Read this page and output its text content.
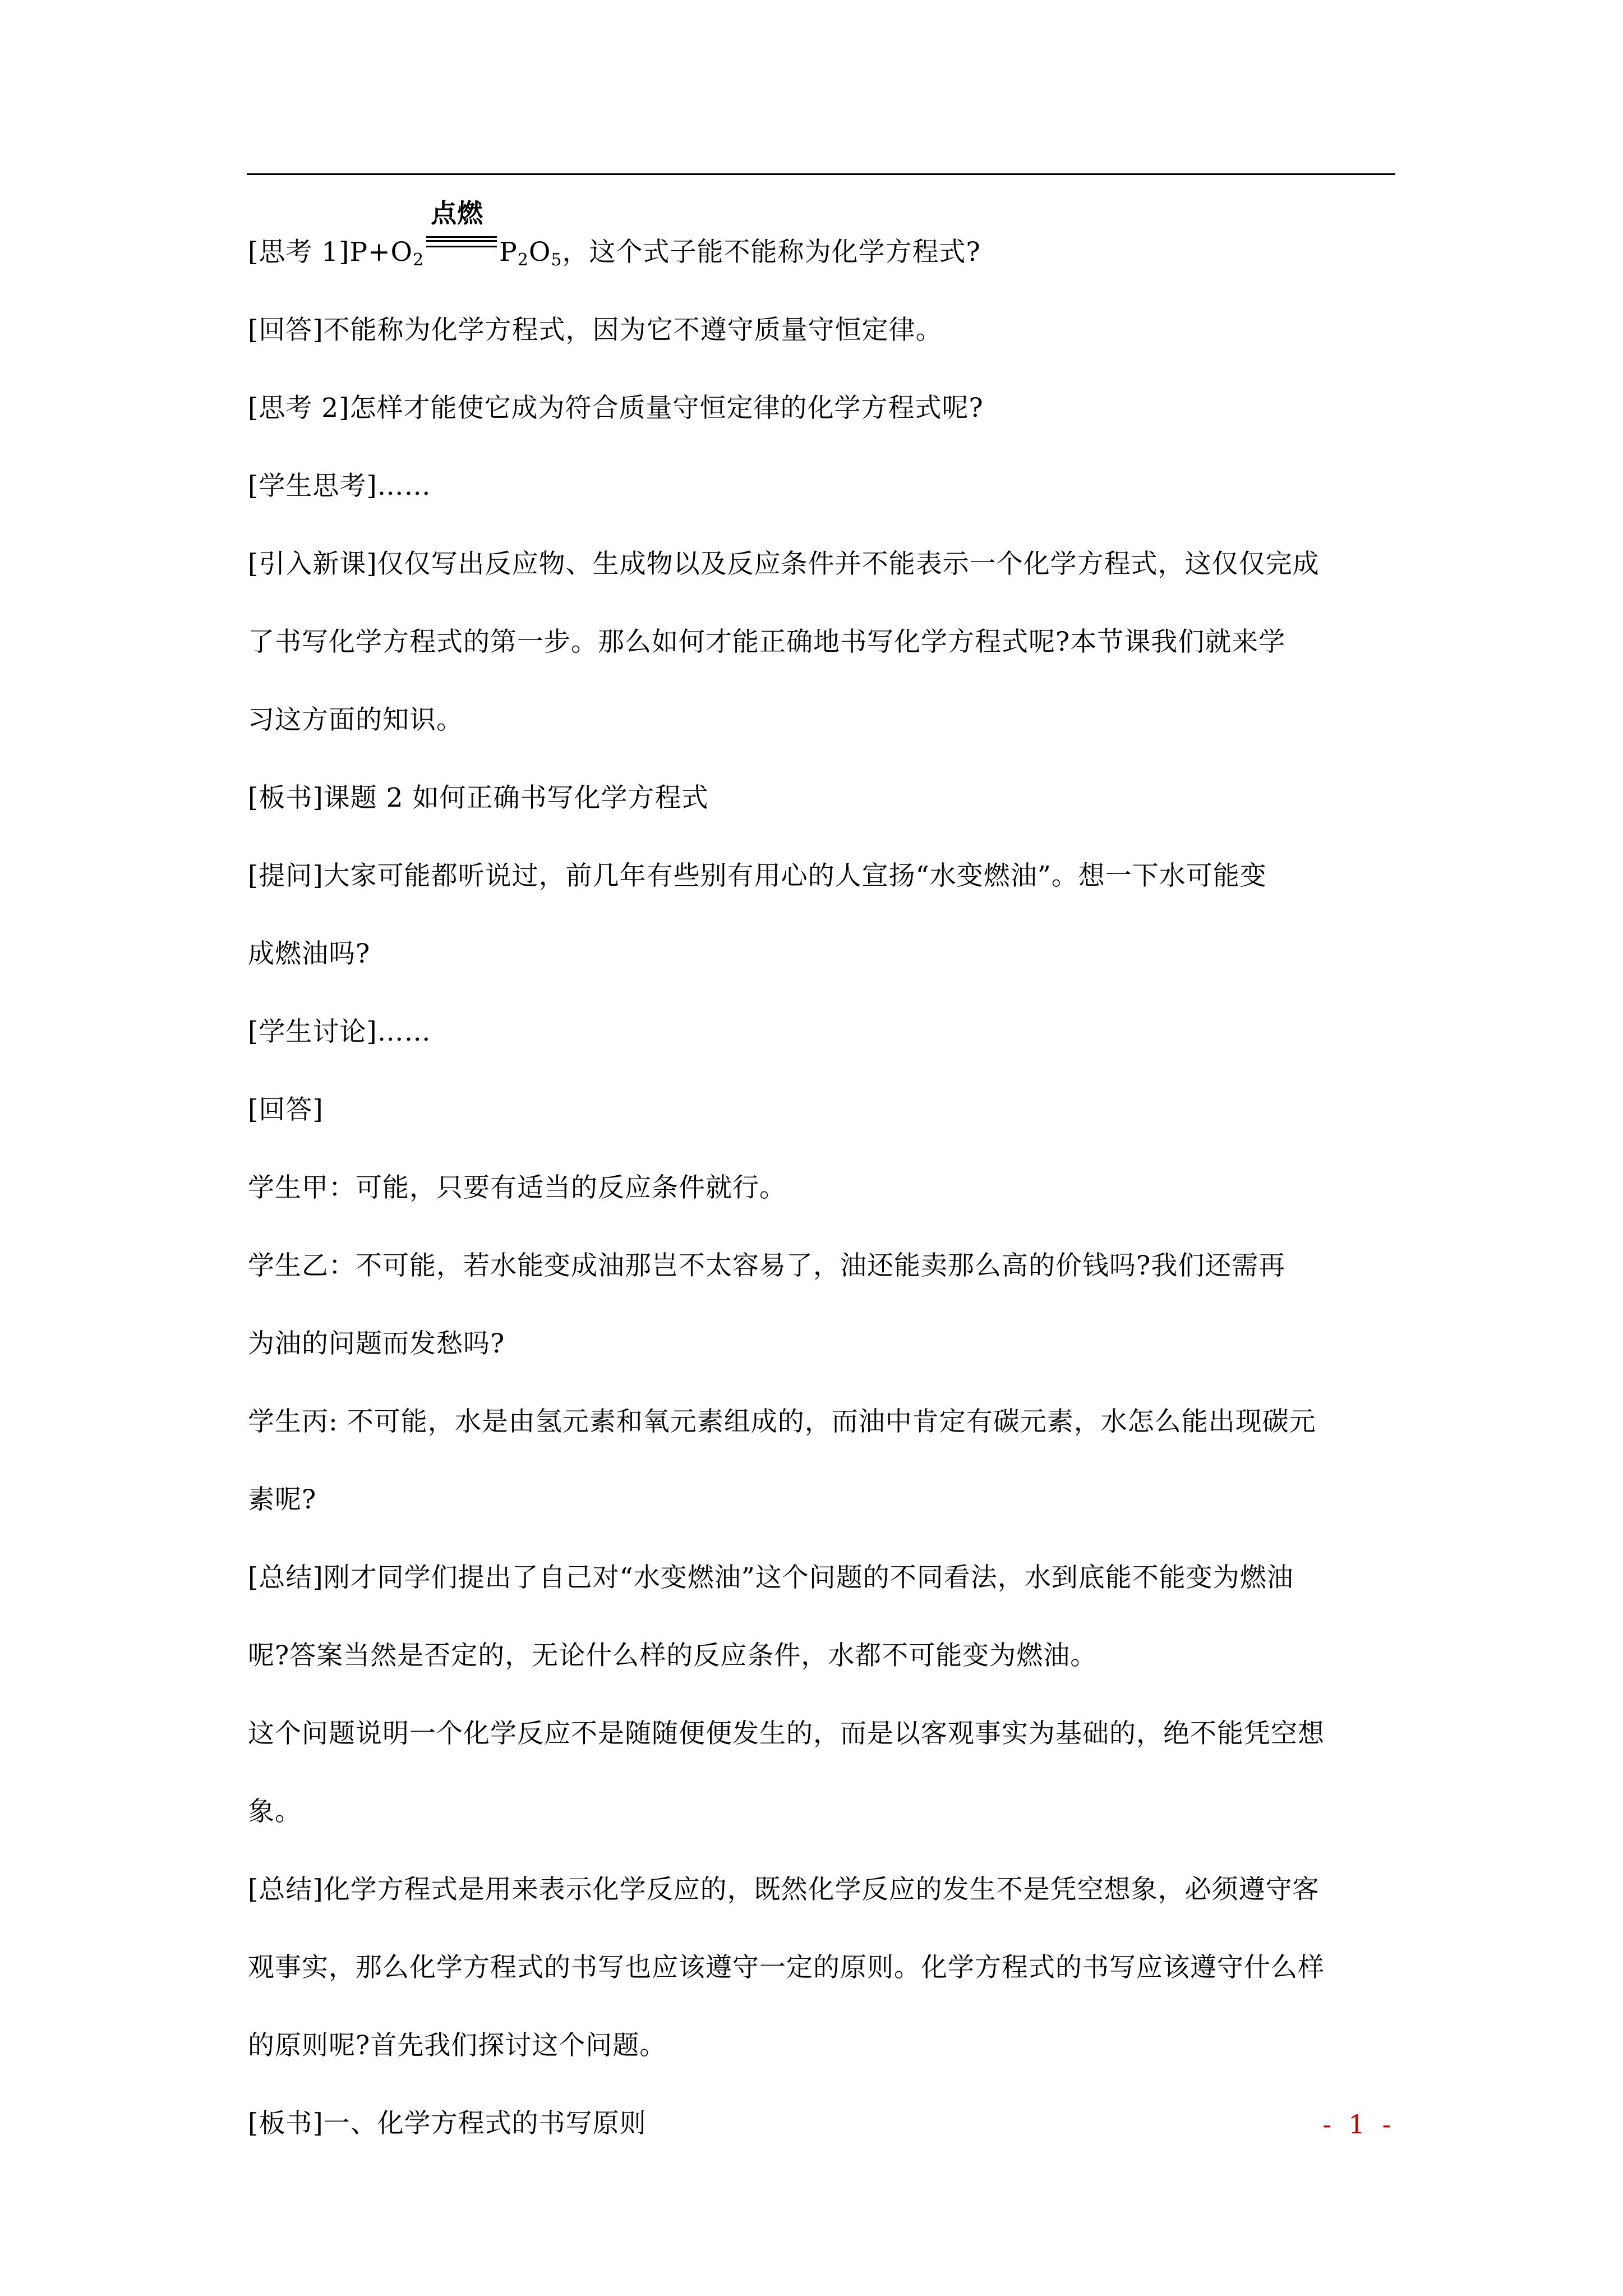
[思考 $1]P+O_2$
点燃
$P_2O_5$，这个式子能不能称为化学方程式?

[回答]不能称为化学方程式，因为它不遵守质量守恒定律。

[思考 2]怎样才能使它成为符合质量守恒定律的化学方程式呢?

[学生思考]……

[引入新课]仅仅写出反应物、生成物以及反应条件并不能表示一个化学方程式，这仅仅完成

了书写化学方程式的第一步。那么如何才能正确地书写化学方程式呢?本节课我们就来学

习这方面的知识。

[板书]课题 2 如何正确书写化学方程式

[提问]大家可能都听说过，前几年有些别有用心的人宣扬“水变燃油”。想一下水可能变

成燃油吗?

[学生讨论]……

[回答]

学生甲：可能，只要有适当的反应条件就行。

学生乙：不可能，若水能变成油那岂不太容易了，油还能卖那么高的价钱吗?我们还需再

为油的问题而发愁吗?

学生丙: 不可能，水是由氢元素和氧元素组成的，而油中肯定有碳元素，水怎么能出现碳元

素呢?

[总结]刚才同学们提出了自己对“水变燃油”这个问题的不同看法，水到底能不能变为燃油

呢?答案当然是否定的，无论什么样的反应条件，水都不可能变为燃油。

这个问题说明一个化学反应不是随随便便发生的，而是以客观事实为基础的，绝不能凭空想

象。

[总结]化学方程式是用来表示化学反应的，既然化学反应的发生不是凭空想象，必须遵守客

观事实，那么化学方程式的书写也应该遵守一定的原则。化学方程式的书写应该遵守什么样

的原则呢?首先我们探讨这个问题。

[板书]一、化学方程式的书写原则	- 1 -
